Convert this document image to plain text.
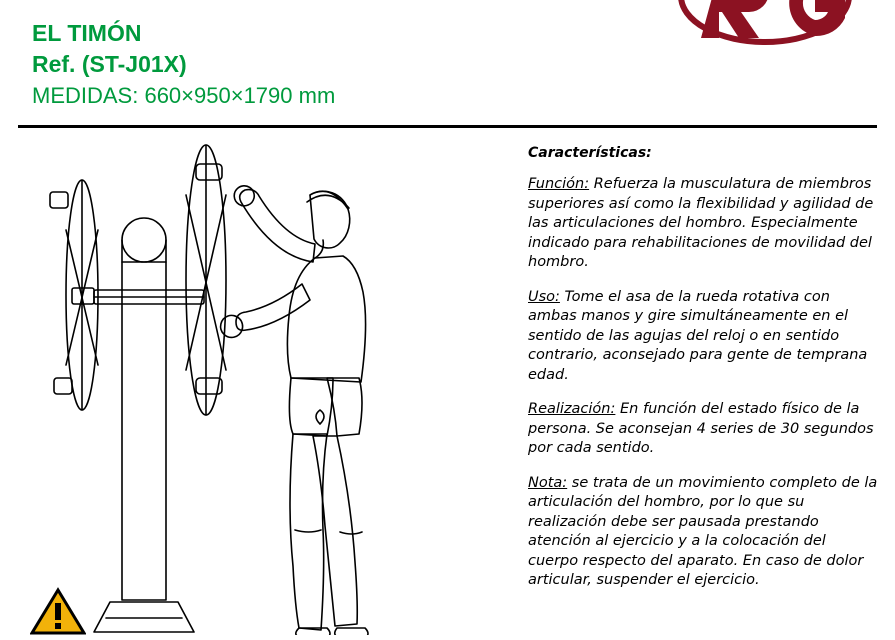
EL TIMÓN
Ref. (ST-J01X)
MEDIDAS: 660×950×1790 mm
Características:
Función: Refuerza la musculatura de miembros superiores así como la flexibilidad y agilidad de las articulaciones del hombro. Especialmente indicado para rehabilitaciones de movilidad del hombro.
Uso: Tome el asa de la rueda rotativa con ambas manos y gire simultáneamente en el sentido de las agujas del reloj o en sentido contrario, aconsejado para gente de temprana edad.
Realización: En función del estado físico de la persona. Se aconsejan 4 series de 30 segundos por cada sentido.
Nota: se trata de un movimiento completo de la articulación del hombro, por lo que su realización debe ser pausada prestando atención al ejercicio y a la colocación del cuerpo respecto del aparato. En caso de dolor articular, suspender el ejercicio.
